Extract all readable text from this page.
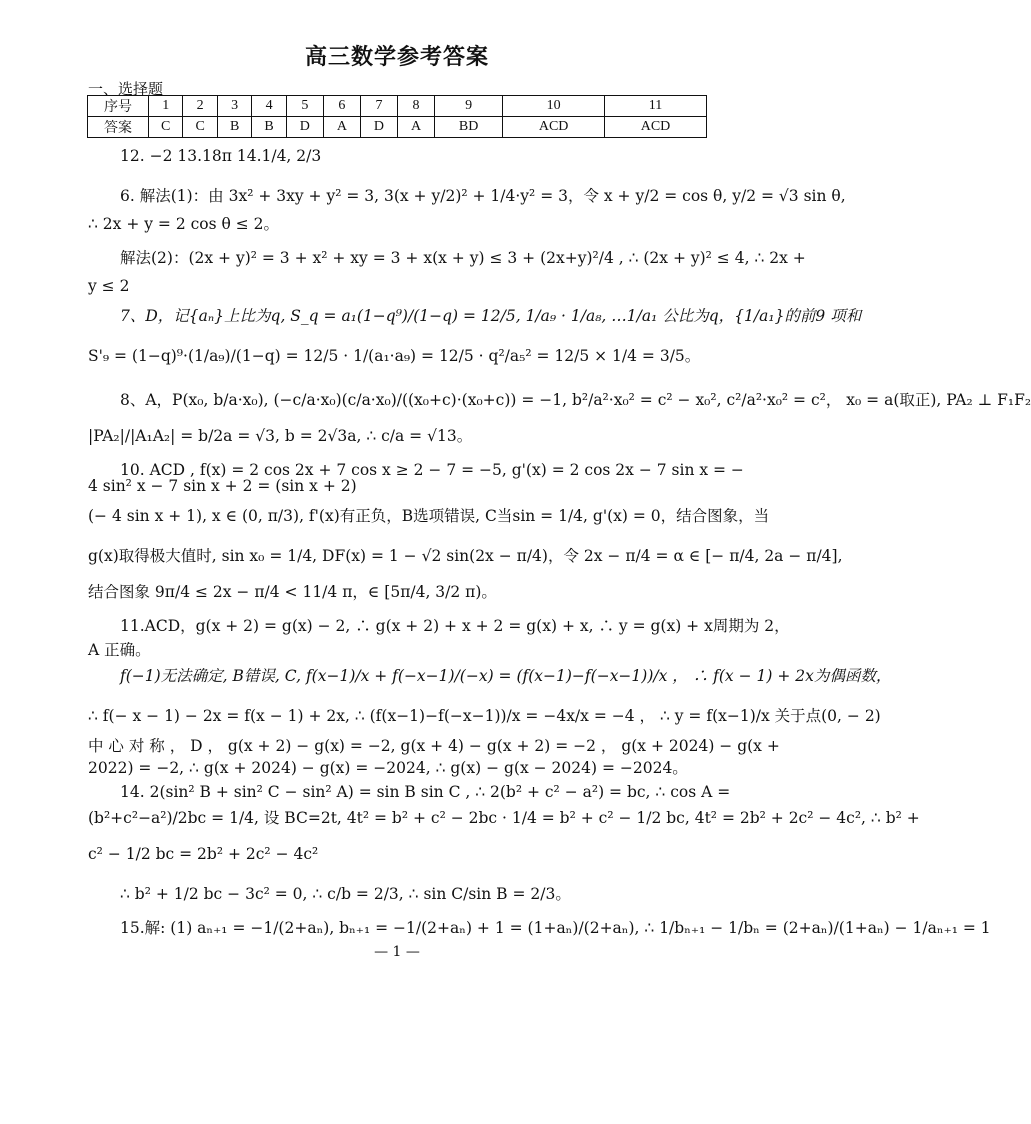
高三数学参考答案
一、选择题
序号	1	2	3	4	5	6	7	8	9	10	11
答案	C	C	B	B	D	A	D	A	BD	ACD	ACD
12. −2 13.18π 14.1/4, 2/3
6. 解法(1)：由 3x² + 3xy + y² = 3, 3(x + y/2)² + 1/4·y² = 3，令 x + y/2 = cos θ, y/2 = √3 sin θ,
∴ 2x + y = 2 cos θ ≤ 2。
解法(2)：(2x + y)² = 3 + x² + xy = 3 + x(x + y) ≤ 3 + (2x+y)²/4 , ∴ (2x + y)² ≤ 4, ∴ 2x +
y ≤ 2
7、D，记{aₙ}上比为q, S_q = a₁(1−q⁹)/(1−q) = 12/5, 1/a₉ · 1/a₈, …1/a₁ 公比为q，{1/a₁}的前9 项和
S'₉ = (1−q)⁹·(1/a₉)/(1−q) = 12/5 · 1/(a₁·a₉) = 12/5 · q²/a₅² = 12/5 × 1/4 = 3/5。
8、A，P(x₀, b/a·x₀), (−c/a·x₀)(c/a·x₀)/((x₀+c)·(x₀+c)) = −1, b²/a²·x₀² = c² − x₀², c²/a²·x₀² = c²， x₀ = a(取正), PA₂ ⊥ F₁F₂
|PA₂|/|A₁A₂| = b/2a = √3, b = 2√3a, ∴ c/a = √13。
10. ACD , f(x) = 2 cos 2x + 7 cos x ≥ 2 − 7 = −5, g'(x) = 2 cos 2x − 7 sin x = −
4 sin² x − 7 sin x + 2 = (sin x + 2)
(− 4 sin x + 1), x ∈ (0, π/3), f'(x)有正负，B选项错误, C当sin = 1/4, g'(x) = 0，结合图象，当
g(x)取得极大值时, sin x₀ = 1/4, DF(x) = 1 − √2 sin(2x − π/4)，令 2x − π/4 = α ∈ [− π/4, 2a − π/4],
结合图象 9π/4 ≤ 2x − π/4 < 11/4 π，∈ [5π/4, 3/2 π)。
11.ACD，g(x + 2) = g(x) − 2, ∴ g(x + 2) + x + 2 = g(x) + x, ∴ y = g(x) + x周期为 2，
A 正确。
f(−1)无法确定, B错误, C, f(x−1)/x + f(−x−1)/(−x) = (f(x−1)−f(−x−1))/x ， ∴ f(x − 1) + 2x为偶函数，
∴ f(− x − 1) − 2x = f(x − 1) + 2x, ∴ (f(x−1)−f(−x−1))/x = −4x/x = −4 ， ∴ y = f(x−1)/x 关于点(0, − 2)
中 心 对 称 ， D ， g(x + 2) − g(x) = −2, g(x + 4) − g(x + 2) = −2 ， g(x + 2024) − g(x +
2022) = −2, ∴ g(x + 2024) − g(x) = −2024, ∴ g(x) − g(x − 2024) = −2024。
14. 2(sin² B + sin² C − sin² A) = sin B sin C , ∴ 2(b² + c² − a²) = bc, ∴ cos A =
(b²+c²−a²)/2bc = 1/4, 设 BC=2t, 4t² = b² + c² − 2bc · 1/4 = b² + c² − 1/2 bc, 4t² = 2b² + 2c² − 4c², ∴ b² +
c² − 1/2 bc = 2b² + 2c² − 4c²
∴ b² + 1/2 bc − 3c² = 0, ∴ c/b = 2/3, ∴ sin C/sin B = 2/3。
15.解: (1) aₙ₊₁ = −1/(2+aₙ), bₙ₊₁ = −1/(2+aₙ) + 1 = (1+aₙ)/(2+aₙ), ∴ 1/bₙ₊₁ − 1/bₙ = (2+aₙ)/(1+aₙ) − 1/aₙ₊₁ = 1
— 1 —
